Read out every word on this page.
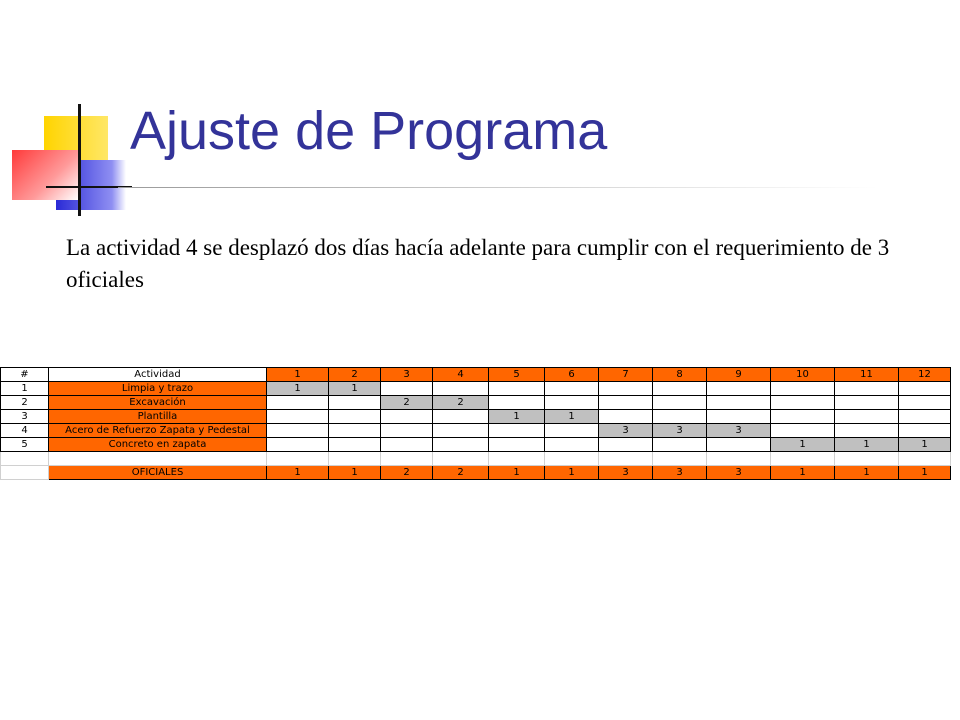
Ajuste de Programa

La actividad 4 se desplazó dos días hacía adelante para cumplir con el requerimiento de 3 oficiales

#	Actividad	1	2	3	4	5	6	7	8	9	10	11	12
1	Limpia y trazo	1	1										
2	Excavación			2	2								
3	Plantilla					1	1						
4	Acero de Refuerzo Zapata y Pedestal							3	3	3			
5	Concreto en zapata										1	1	1

	OFICIALES	1	1	2	2	1	1	3	3	3	1	1	1
